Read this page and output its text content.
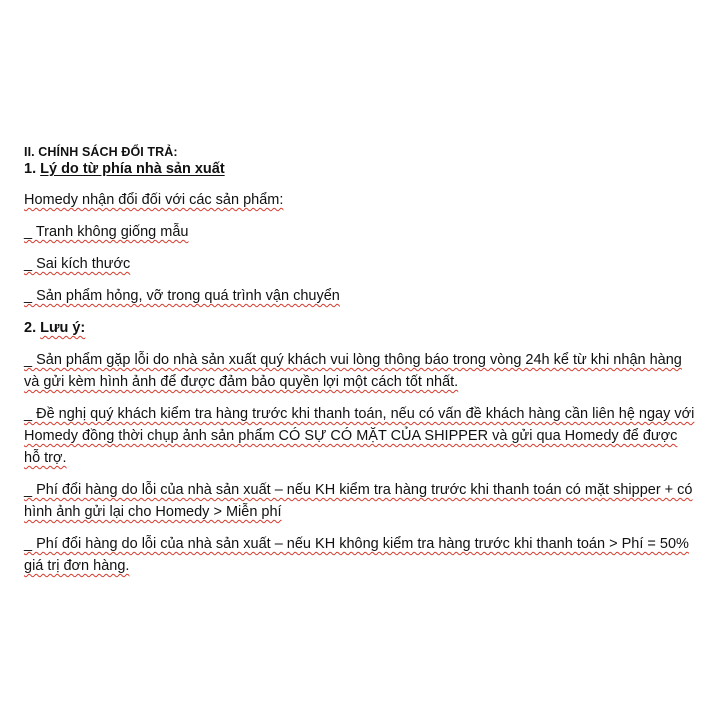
II. CHÍNH SÁCH ĐỔI TRẢ:

1. Lý do từ phía nhà sản xuất

Homedy nhận đổi đối với các sản phẩm:

_ Tranh không giống mẫu

_ Sai kích thước

_ Sản phẩm hỏng, vỡ trong quá trình vận chuyển

2. Lưu ý:

_ Sản phẩm gặp lỗi do nhà sản xuất quý khách vui lòng thông báo trong vòng 24h kể từ khi nhận hàng và gửi kèm hình ảnh để được đảm bảo quyền lợi một cách tốt nhất.

_ Đề nghị quý khách kiểm tra hàng trước khi thanh toán, nếu có vấn đề khách hàng cần liên hệ ngay với Homedy đồng thời chụp ảnh sản phẩm CÓ SỰ CÓ MẶT CỦA SHIPPER và gửi qua Homedy để được hỗ trợ.

_ Phí đổi hàng do lỗi của nhà sản xuất – nếu KH kiểm tra hàng trước khi thanh toán có mặt shipper + có hình ảnh gửi lại cho Homedy > Miễn phí

_ Phí đổi hàng do lỗi của nhà sản xuất – nếu KH không kiểm tra hàng trước khi thanh toán > Phí = 50% giá trị đơn hàng.
